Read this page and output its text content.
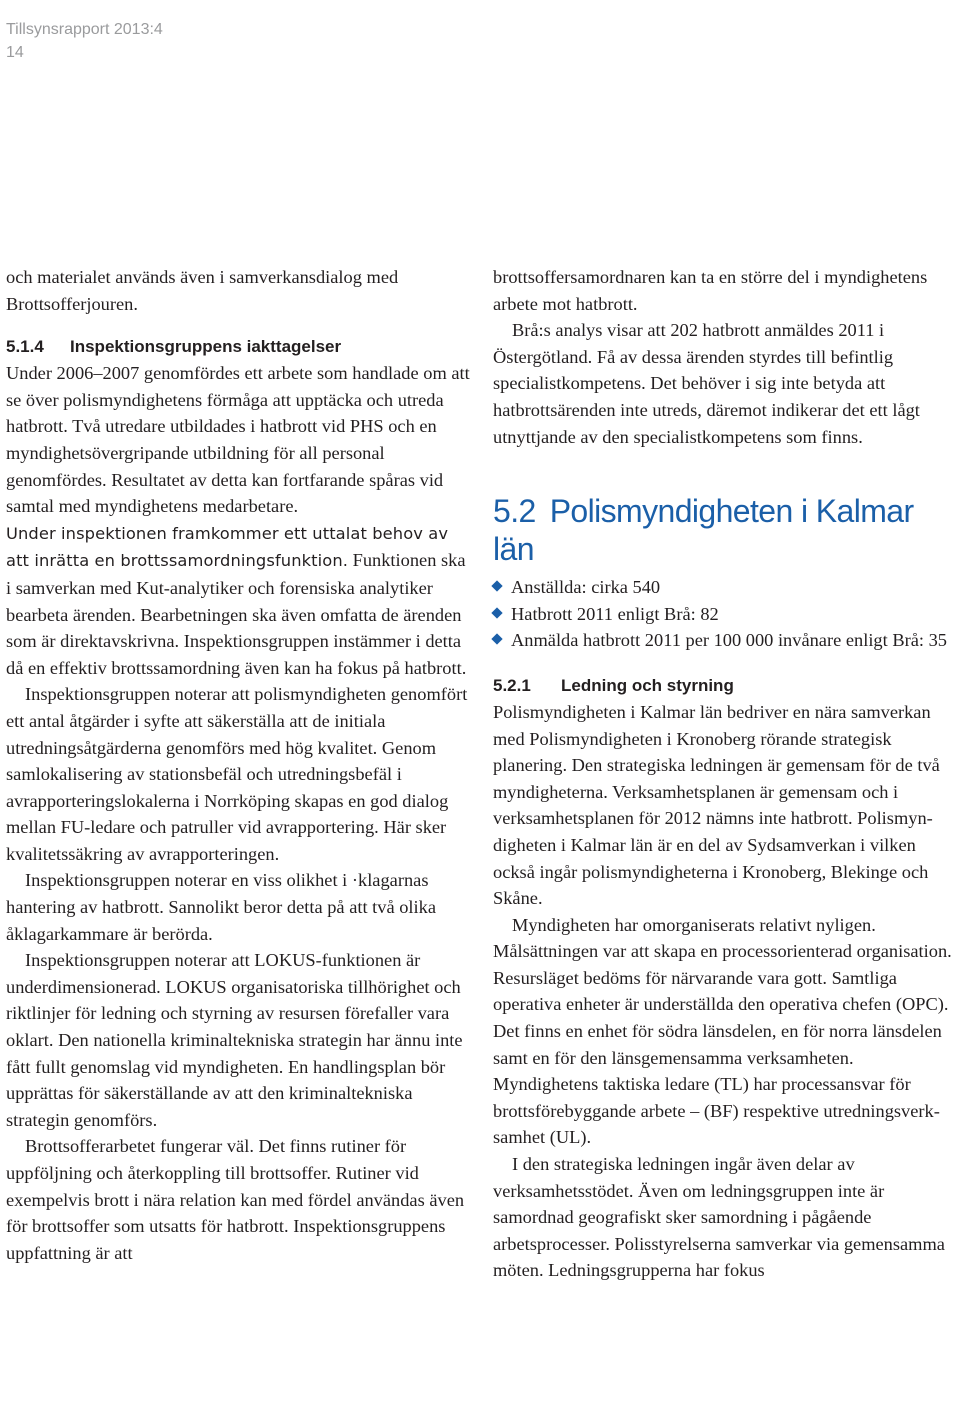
Tillsynsrapport 2013:4
14

och materialet används även i samverkansdialog med Brottsofferjouren.

5.1.4 Inspektionsgruppens iakttagelser

Under 2006–2007 genomfördes ett arbete som handlade om att se över polismyndighetens förmåga att upptäcka och utreda hatbrott. Två utredare utbildades i hatbrott vid PHS och en myndighetsövergripande utbildning för all personal genomfördes. Resultatet av detta kan fortfarande spåras vid samtal med myndighetens medarbetare.

Under inspektionen framkommer ett uttalat behov av att inrätta en brottssamordningsfunktion. Funktionen ska i samverkan med Kut-analytiker och forensiska analytiker bearbeta ärenden. Bearbetningen ska även omfatta de ärenden som är direktavskrivna. Inspektionsgruppen instämmer i detta då en effektiv brottssamordning även kan ha fokus på hatbrott.

Inspektionsgruppen noterar att polismyndigheten genomfört ett antal åtgärder i syfte att säkerställa att de initiala utredningsåtgärderna genomförs med hög kvalitet. Genom samlokalisering av stationsbefäl och utredningsbefäl i avrapporteringslokalerna i Norrköping skapas en god dialog mellan FU-ledare och patruller vid avrapportering. Här sker kvalitetssäkring av avrapporteringen.

Inspektionsgruppen noterar en viss olikhet i ·klagarnas hantering av hatbrott. Sannolikt beror detta på att två olika åklagarkammare är berörda.

Inspektionsgruppen noterar att LOKUS-funktionen är underdimensionerad. LOKUS organisatoriska tillhörighet och riktlinjer för ledning och styrning av resursen förefaller vara oklart. Den nationella kriminaltekniska strategin har ännu inte fått fullt genomslag vid myndigheten. En handlingsplan bör upprättas för säkerställande av att den kriminaltekniska strategin genomförs.

Brottsofferarbetet fungerar väl. Det finns rutiner för uppföljning och återkoppling till brottsoffer. Rutiner vid exempelvis brott i nära relation kan med fördel användas även för brottsoffer som utsatts för hatbrott. Inspektionsgruppens uppfattning är att

brottsoffersamordnaren kan ta en större del i myndighetens arbete mot hatbrott.

Brå:s analys visar att 202 hatbrott anmäldes 2011 i Östergötland. Få av dessa ärenden styrdes till befintlig specialistkompetens. Det behöver i sig inte betyda att hatbrottsärenden inte utreds, däremot indikerar det ett lågt utnyttjande av den specialistkompetens som finns.

5.2 Polismyndigheten i Kalmar län
Anställda: cirka 540
Hatbrott 2011 enligt Brå: 82
Anmälda hatbrott 2011 per 100 000 invånare enligt Brå: 35
5.2.1 Ledning och styrning

Polismyndigheten i Kalmar län bedriver en nära samverkan med Polismyndigheten i Kronoberg rörande strategisk planering. Den strategiska ledningen är gemensam för de två myndigheterna. Verksamhetsplanen är gemensam och i verksamhetsplanen för 2012 nämns inte hatbrott. Polismyndigheten i Kalmar län är en del av Sydsamverkan i vilken också ingår polismyndigheterna i Kronoberg, Blekinge och Skåne.

Myndigheten har omorganiserats relativt nyligen. Målsättningen var att skapa en processorienterad organisation. Resursläget bedöms för närvarande vara gott. Samtliga operativa enheter är underställda den operativa chefen (OPC). Det finns en enhet för södra länsdelen, en för norra länsdelen samt en för den länsgemensamma verksamheten. Myndighetens taktiska ledare (TL) har processansvar för brottsförebyggande arbete – (BF) respektive utredningsverksamhet (UL).

I den strategiska ledningen ingår även delar av verksamhetsstödet. Även om ledningsgruppen inte är samordnad geografiskt sker samordning i pågående arbetsprocesser. Polisstyrelserna samverkar via gemensamma möten. Ledningsgrupperna har fokus
